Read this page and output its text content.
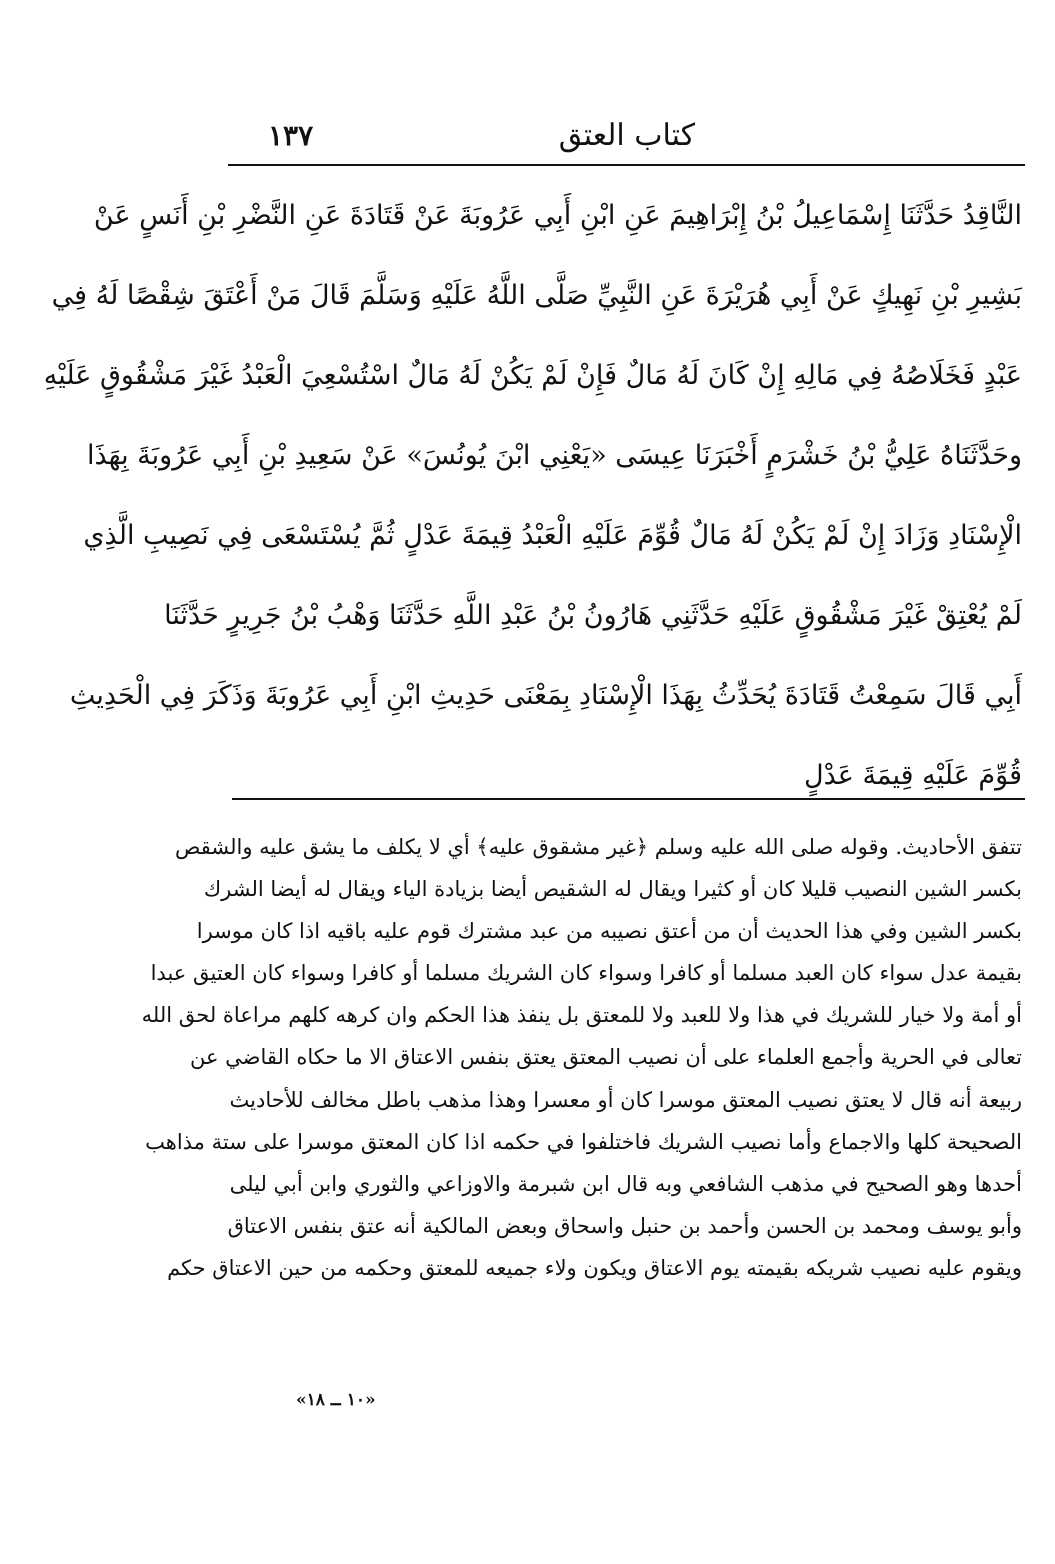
كتاب العتق
١٣٧
النَّاقِدُ حَدَّثَنَا إِسْمَاعِيلُ بْنُ إِبْرَاهِيمَ عَنِ ابْنِ أَبِي عَرُوبَةَ عَنْ قَتَادَةَ عَنِ النَّضْرِ بْنِ أَنَسٍ عَنْ
بَشِيرِ بْنِ نَهِيكٍ عَنْ أَبِي هُرَيْرَةَ عَنِ النَّبِيِّ صَلَّى اللَّهُ عَلَيْهِ وَسَلَّمَ قَالَ مَنْ أَعْتَقَ شِقْصًا لَهُ فِي
عَبْدٍ فَخَلَاصُهُ فِي مَالِهِ إِنْ كَانَ لَهُ مَالٌ فَإِنْ لَمْ يَكُنْ لَهُ مَالٌ اسْتُسْعِيَ الْعَبْدُ غَيْرَ مَشْقُوقٍ عَلَيْهِ
وحَدَّثَنَاهُ عَلِيُّ بْنُ خَشْرَمٍ أَخْبَرَنَا عِيسَى «يَعْنِي ابْنَ يُونُسَ» عَنْ سَعِيدِ بْنِ أَبِي عَرُوبَةَ بِهَذَا
الْإِسْنَادِ وَزَادَ إِنْ لَمْ يَكُنْ لَهُ مَالٌ قُوِّمَ عَلَيْهِ الْعَبْدُ قِيمَةَ عَدْلٍ ثُمَّ يُسْتَسْعَى فِي نَصِيبِ الَّذِي
لَمْ يُعْتِقْ غَيْرَ مَشْقُوقٍ عَلَيْهِ حَدَّثَنِي هَارُونُ بْنُ عَبْدِ اللَّهِ حَدَّثَنَا وَهْبُ بْنُ جَرِيرٍ حَدَّثَنَا
أَبِي قَالَ سَمِعْتُ قَتَادَةَ يُحَدِّثُ بِهَذَا الْإِسْنَادِ بِمَعْنَى حَدِيثِ ابْنِ أَبِي عَرُوبَةَ وَذَكَرَ فِي الْحَدِيثِ
قُوِّمَ عَلَيْهِ قِيمَةَ عَدْلٍ
تتفق الأحاديث. وقوله صلى الله عليه وسلم ﴿غير مشقوق عليه﴾ أي لا يكلف ما يشق عليه والشقص
بكسر الشين النصيب قليلا كان أو كثيرا ويقال له الشقيص أيضا بزيادة الياء ويقال له أيضا الشرك
بكسر الشين وفي هذا الحديث أن من أعتق نصيبه من عبد مشترك قوم عليه باقيه اذا كان موسرا
بقيمة عدل سواء كان العبد مسلما أو كافرا وسواء كان الشريك مسلما أو كافرا وسواء كان العتيق عبدا
أو أمة ولا خيار للشريك في هذا ولا للعبد ولا للمعتق بل ينفذ هذا الحكم وان كرهه كلهم مراعاة لحق الله
تعالى في الحرية وأجمع العلماء على أن نصيب المعتق يعتق بنفس الاعتاق الا ما حكاه القاضي عن
ربيعة أنه قال لا يعتق نصيب المعتق موسرا كان أو معسرا وهذا مذهب باطل مخالف للأحاديث
الصحيحة كلها والاجماع وأما نصيب الشريك فاختلفوا في حكمه اذا كان المعتق موسرا على ستة مذاهب
أحدها وهو الصحيح في مذهب الشافعي وبه قال ابن شبرمة والاوزاعي والثوري وابن أبي ليلى
وأبو يوسف ومحمد بن الحسن وأحمد بن حنبل واسحاق وبعض المالكية أنه عتق بنفس الاعتاق
ويقوم عليه نصيب شريكه بقيمته يوم الاعتاق ويكون ولاء جميعه للمعتق وحكمه من حين الاعتاق حكم
«١٠ ــ ١٨»
